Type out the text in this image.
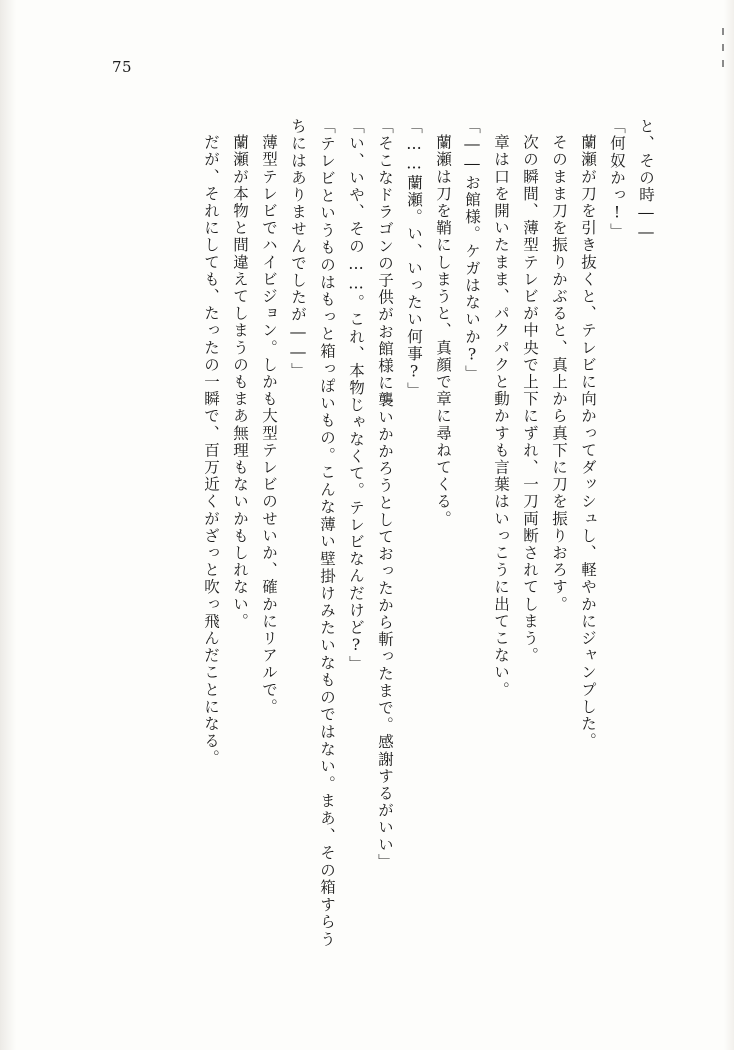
75

と、その時――

「何奴かっ!」

蘭瀬が刀を引き抜くと、テレビに向かってダッシュし、軽やかにジャンプした。

そのまま刀を振りかぶると、真上から真下に刀を振りおろす。

次の瞬間、薄型テレビが中央で上下にずれ、一刀両断されてしまう。

章は口を開いたまま、パクパクと動かすも言葉はいっこうに出てこない。

「――お館様。ケガはないか?」

蘭瀬は刀を鞘にしまうと、真顔で章に尋ねてくる。

「……蘭瀬。い、いったい何事?」

「そこなドラゴンの子供がお館様に襲いかかろうとしておったから斬ったまで。感謝するがいい」

「い、いや、その……。これ、本物じゃなくて。テレビなんだけど?」

「テレビというものはもっと箱っぽいもの。こんな薄い壁掛けみたいなものではない。まあ、その箱すらうちにはありませんでしたが――」

薄型テレビでハイビジョン。しかも大型テレビのせいか、確かにリアルで。

蘭瀬が本物と間違えてしまうのもまあ無理もないかもしれない。

だが、それにしても、たったの一瞬で、百万近くがざっと吹っ飛んだことになる。
